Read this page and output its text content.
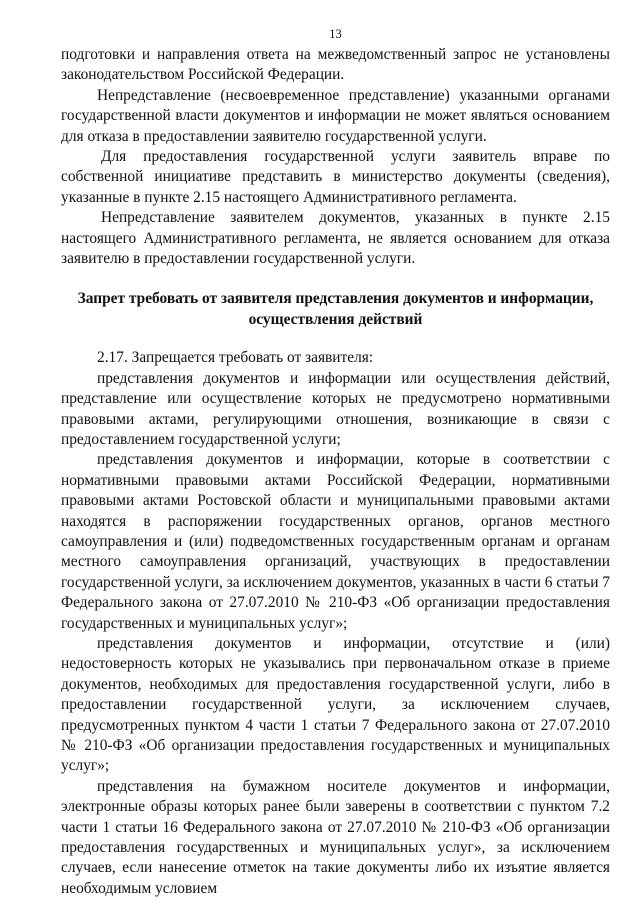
13

подготовки и направления ответа на межведомственный запрос не установлены законодательством Российской Федерации.

Непредставление (несвоевременное представление) указанными органами государственной власти документов и информации не может являться основанием для отказа в предоставлении заявителю государственной услуги.

Для предоставления государственной услуги заявитель вправе по собственной инициативе представить в министерство документы (сведения), указанные в пункте 2.15 настоящего Административного регламента.

Непредставление заявителем документов, указанных в пункте 2.15 настоящего Административного регламента, не является основанием для отказа заявителю в предоставлении государственной услуги.

Запрет требовать от заявителя представления документов и информации, осуществления действий

2.17. Запрещается требовать от заявителя:

представления документов и информации или осуществления действий, представление или осуществление которых не предусмотрено нормативными правовыми актами, регулирующими отношения, возникающие в связи с предоставлением государственной услуги;

представления документов и информации, которые в соответствии с нормативными правовыми актами Российской Федерации, нормативными правовыми актами Ростовской области и муниципальными правовыми актами находятся в распоряжении государственных органов, органов местного самоуправления и (или) подведомственных государственным органам и органам местного самоуправления организаций, участвующих в предоставлении государственной услуги, за исключением документов, указанных в части 6 статьи 7 Федерального закона от 27.07.2010 № 210-ФЗ «Об организации предоставления государственных и муниципальных услуг»;

представления документов и информации, отсутствие и (или) недостоверность которых не указывались при первоначальном отказе в приеме документов, необходимых для предоставления государственной услуги, либо в предоставлении государственной услуги, за исключением случаев, предусмотренных пунктом 4 части 1 статьи 7 Федерального закона от 27.07.2010 № 210-ФЗ «Об организации предоставления государственных и муниципальных услуг»;

представления на бумажном носителе документов и информации, электронные образы которых ранее были заверены в соответствии с пунктом 7.2 части 1 статьи 16 Федерального закона от 27.07.2010 № 210-ФЗ «Об организации предоставления государственных и муниципальных услуг», за исключением случаев, если нанесение отметок на такие документы либо их изъятие является необходимым условием
